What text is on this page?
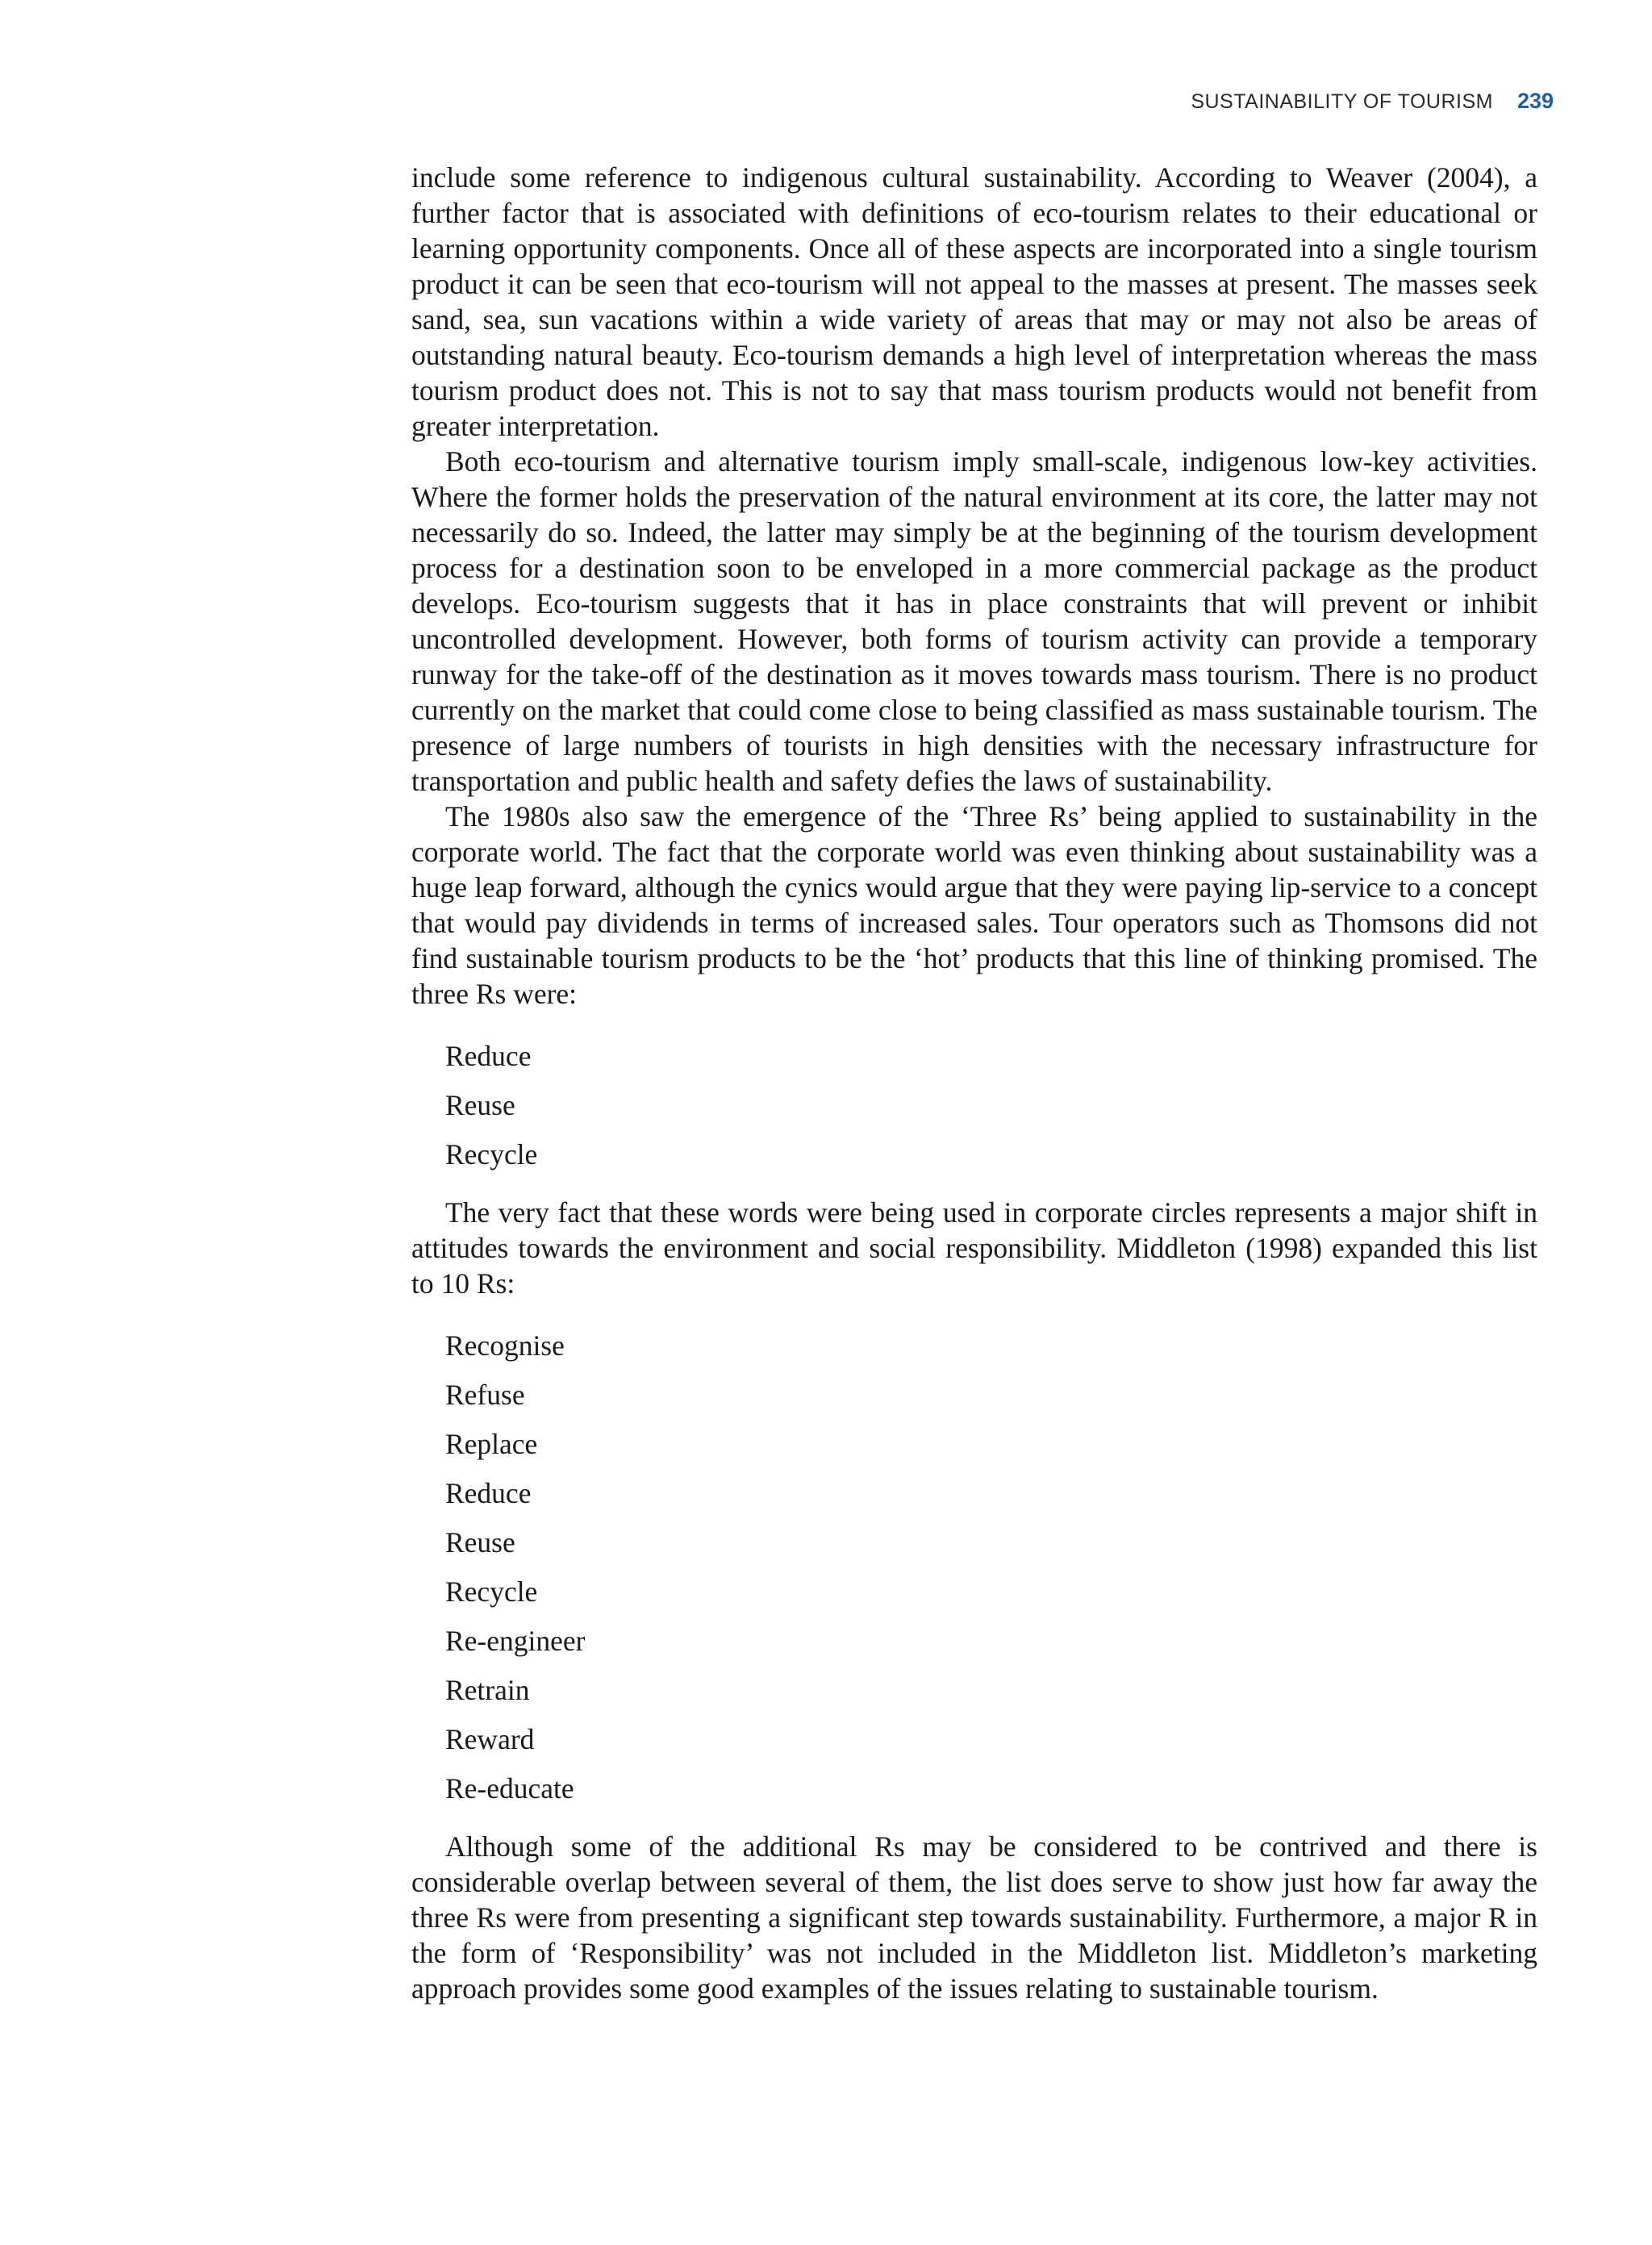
SUSTAINABILITY OF TOURISM 239

include some reference to indigenous cultural sustainability. According to Weaver (2004), a further factor that is associated with definitions of eco-tourism relates to their educational or learning opportunity components. Once all of these aspects are incorporated into a single tourism product it can be seen that eco-tourism will not appeal to the masses at present. The masses seek sand, sea, sun vacations within a wide variety of areas that may or may not also be areas of outstanding natural beauty. Eco-tourism demands a high level of interpretation whereas the mass tourism product does not. This is not to say that mass tourism products would not benefit from greater interpretation.

Both eco-tourism and alternative tourism imply small-scale, indigenous low-key activities. Where the former holds the preservation of the natural environment at its core, the latter may not necessarily do so. Indeed, the latter may simply be at the beginning of the tourism development process for a destination soon to be enveloped in a more commercial package as the product develops. Eco-tourism suggests that it has in place constraints that will prevent or inhibit uncontrolled development. However, both forms of tourism activity can provide a temporary runway for the take-off of the destination as it moves towards mass tourism. There is no product currently on the market that could come close to being classified as mass sustainable tourism. The presence of large numbers of tourists in high densities with the necessary infrastructure for transportation and public health and safety defies the laws of sustainability.

The 1980s also saw the emergence of the ‘Three Rs’ being applied to sustainability in the corporate world. The fact that the corporate world was even thinking about sustainability was a huge leap forward, although the cynics would argue that they were paying lip-service to a concept that would pay dividends in terms of increased sales. Tour operators such as Thomsons did not find sustainable tourism products to be the ‘hot’ products that this line of thinking promised. The three Rs were:

Reduce
Reuse
Recycle

The very fact that these words were being used in corporate circles represents a major shift in attitudes towards the environment and social responsibility. Middleton (1998) expanded this list to 10 Rs:

Recognise
Refuse
Replace
Reduce
Reuse
Recycle
Re-engineer
Retrain
Reward
Re-educate

Although some of the additional Rs may be considered to be contrived and there is considerable overlap between several of them, the list does serve to show just how far away the three Rs were from presenting a significant step towards sustainability. Furthermore, a major R in the form of ‘Responsibility’ was not included in the Middleton list. Middleton’s marketing approach provides some good examples of the issues relating to sustainable tourism.
